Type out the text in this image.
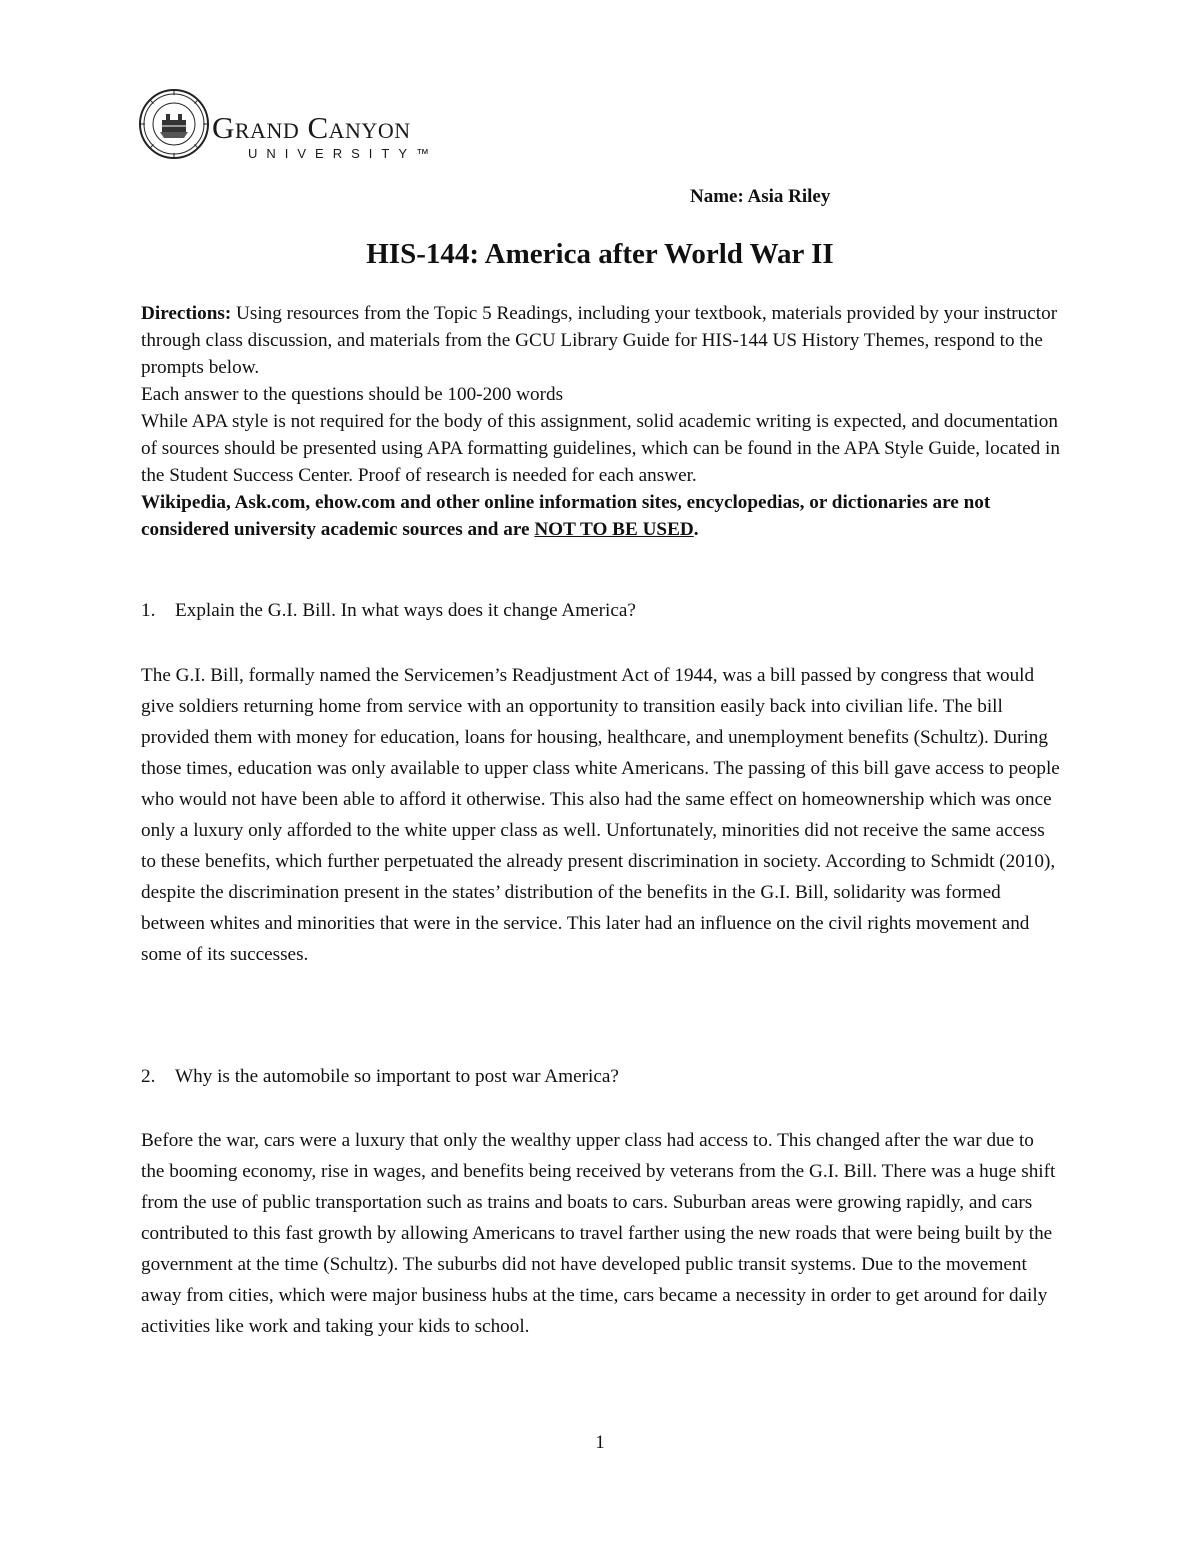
Grand Canyon
UNIVERSITY™
Name: Asia Riley
HIS-144: America after World War II

Directions: Using resources from the Topic 5 Readings, including your textbook, materials provided by your instructor through class discussion, and materials from the GCU Library Guide for HIS-144 US History Themes, respond to the prompts below.

Each answer to the questions should be 100-200 words

While APA style is not required for the body of this assignment, solid academic writing is expected, and documentation of sources should be presented using APA formatting guidelines, which can be found in the APA Style Guide, located in the Student Success Center. Proof of research is needed for each answer.

Wikipedia, Ask.com, ehow.com and other online information sites, encyclopedias, or dictionaries are not considered university academic sources and are NOT TO BE USED.

1. Explain the G.I. Bill. In what ways does it change America?

The G.I. Bill, formally named the Servicemen’s Readjustment Act of 1944, was a bill passed by congress that would give soldiers returning home from service with an opportunity to transition easily back into civilian life. The bill provided them with money for education, loans for housing, healthcare, and unemployment benefits (Schultz). During those times, education was only available to upper class white Americans. The passing of this bill gave access to people who would not have been able to afford it otherwise. This also had the same effect on homeownership which was once only a luxury only afforded to the white upper class as well. Unfortunately, minorities did not receive the same access to these benefits, which further perpetuated the already present discrimination in society. According to Schmidt (2010), despite the discrimination present in the states’ distribution of the benefits in the G.I. Bill, solidarity was formed between whites and minorities that were in the service. This later had an influence on the civil rights movement and some of its successes.

2. Why is the automobile so important to post war America?

Before the war, cars were a luxury that only the wealthy upper class had access to. This changed after the war due to the booming economy, rise in wages, and benefits being received by veterans from the G.I. Bill. There was a huge shift from the use of public transportation such as trains and boats to cars. Suburban areas were growing rapidly, and cars contributed to this fast growth by allowing Americans to travel farther using the new roads that were being built by the government at the time (Schultz). The suburbs did not have developed public transit systems. Due to the movement away from cities, which were major business hubs at the time, cars became a necessity in order to get around for daily activities like work and taking your kids to school.

1
